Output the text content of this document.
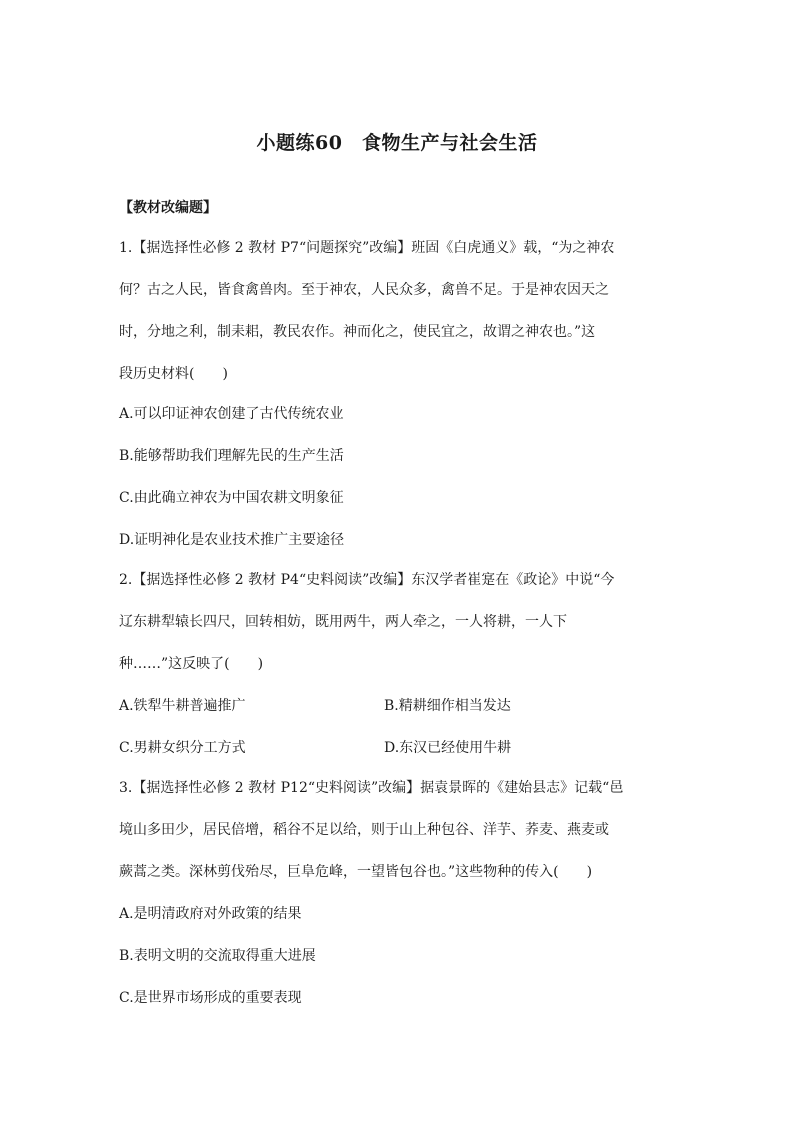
小题练60　食物生产与社会生活
【教材改编题】
1.【据选择性必修 2 教材 P7“问题探究”改编】班固《白虎通义》载，“为之神农
何？古之人民，皆食禽兽肉。至于神农，人民众多，禽兽不足。于是神农因天之
时，分地之利，制耒耜，教民农作。神而化之，使民宜之，故谓之神农也。”这
段历史材料(　　)
A.可以印证神农创建了古代传统农业
B.能够帮助我们理解先民的生产生活
C.由此确立神农为中国农耕文明象征
D.证明神化是农业技术推广主要途径
2.【据选择性必修 2 教材 P4“史料阅读”改编】东汉学者崔寔在《政论》中说“今
辽东耕犁辕长四尺，回转相妨，既用两牛，两人牵之，一人将耕，一人下
种……”这反映了(　　)
A.铁犁牛耕普遍推广	B.精耕细作相当发达
C.男耕女织分工方式	D.东汉已经使用牛耕
3.【据选择性必修 2 教材 P12“史料阅读”改编】据袁景晖的《建始县志》记载“邑
境山多田少，居民倍增，稻谷不足以给，则于山上种包谷、洋芋、荞麦、燕麦或
蕨蒿之类。深林剪伐殆尽，巨阜危峰，一望皆包谷也。”这些物种的传入(　　)
A.是明清政府对外政策的结果
B.表明文明的交流取得重大进展
C.是世界市场形成的重要表现
